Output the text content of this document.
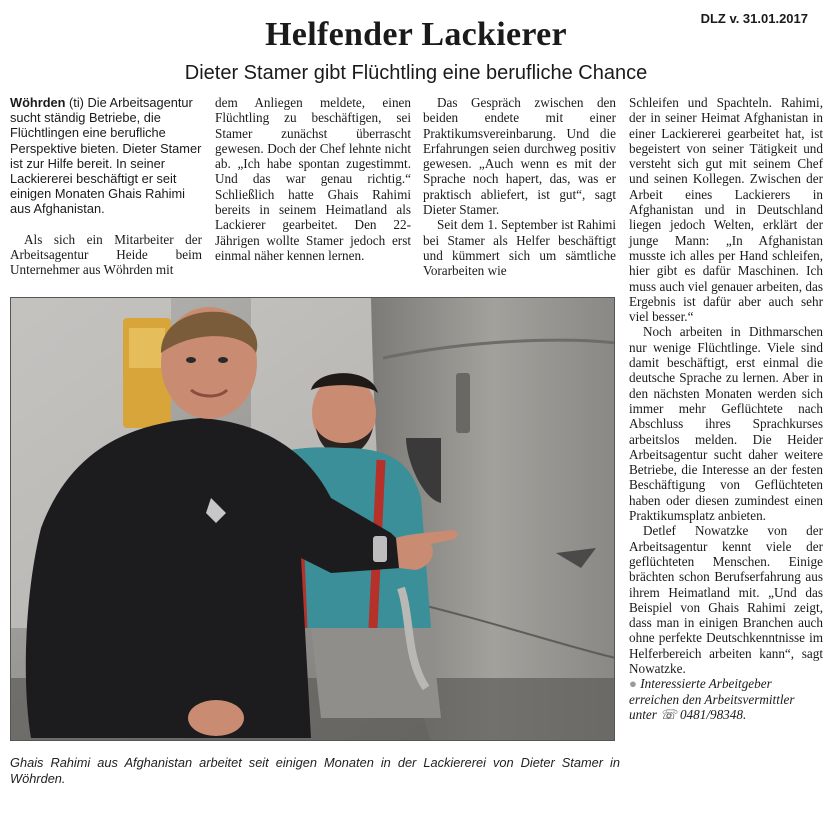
DLZ v. 31.01.2017
Helfender Lackierer
Dieter Stamer gibt Flüchtling eine berufliche Chance

Wöhrden (ti) Die Arbeitsagentur sucht ständig Betriebe, die Flüchtlingen eine berufliche Perspektive bieten. Dieter Stamer ist zur Hilfe bereit. In seiner Lackiererei beschäftigt er seit einigen Monaten Ghais Rahimi aus Afghanistan.

Als sich ein Mitarbeiter der Arbeitsagentur Heide beim Unternehmer aus Wöhrden mit

dem Anliegen meldete, einen Flüchtling zu beschäftigen, sei Stamer zunächst überrascht gewesen. Doch der Chef lehnte nicht ab. „Ich habe spontan zugestimmt. Und das war genau richtig.“ Schließlich hatte Ghais Rahimi bereits in seinem Heimatland als Lackierer gearbeitet. Den 22-Jährigen wollte Stamer jedoch erst einmal näher kennen lernen.

Das Gespräch zwischen den beiden endete mit einer Praktikumsvereinbarung. Und die Erfahrungen seien durchweg positiv gewesen. „Auch wenn es mit der Sprache noch hapert, das, was er praktisch abliefert, ist gut“, sagt Dieter Stamer.

Seit dem 1. September ist Rahimi bei Stamer als Helfer beschäftigt und kümmert sich um sämtliche Vorarbeiten wie

Schleifen und Spachteln. Rahimi, der in seiner Heimat Afghanistan in einer Lackiererei gearbeitet hat, ist begeistert von seiner Tätigkeit und versteht sich gut mit seinem Chef und seinen Kollegen. Zwischen der Arbeit eines Lackierers in Afghanistan und in Deutschland liegen jedoch Welten, erklärt der junge Mann: „In Afghanistan musste ich alles per Hand schleifen, hier gibt es dafür Maschinen. Ich muss auch viel genauer arbeiten, das Ergebnis ist dafür aber auch sehr viel besser.“

Noch arbeiten in Dithmarschen nur wenige Flüchtlinge. Viele sind damit beschäftigt, erst einmal die deutsche Sprache zu lernen. Aber in den nächsten Monaten werden sich immer mehr Geflüchtete nach Abschluss ihres Sprachkurses arbeitslos melden. Die Heider Arbeitsagentur sucht daher weitere Betriebe, die Interesse an der festen Beschäftigung von Geflüchteten haben oder diesen zumindest einen Praktikumsplatz anbieten.

Detlef Nowatzke von der Arbeitsagentur kennt viele der geflüchteten Menschen. Einige brächten schon Berufserfahrung aus ihrem Heimatland mit. „Und das Beispiel von Ghais Rahimi zeigt, dass man in einigen Branchen auch ohne perfekte Deutschkenntnisse im Helferbereich arbeiten kann“, sagt Nowatzke.

● Interessierte Arbeitgeber erreichen den Arbeitsvermittler unter ☏ 0481/98348.

Ghais Rahimi aus Afghanistan arbeitet seit einigen Monaten in der Lackiererei von Dieter Stamer in Wöhrden.
